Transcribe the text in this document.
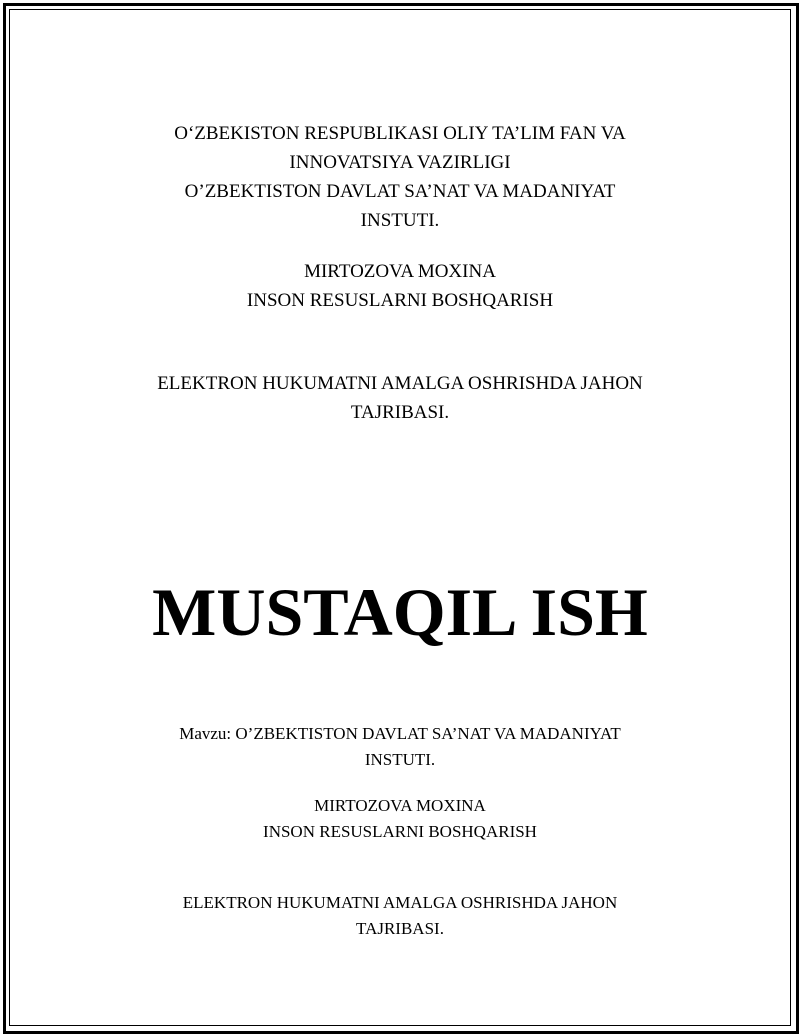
O‘ZBEKISTON RESPUBLIKASI OLIY TA’LIM FAN VA

INNOVATSIYA VAZIRLIGI

O’ZBEKTISTON DAVLAT SA’NAT VA MADANIYAT

INSTUTI.

MIRTOZOVA MOXINA

INSON RESUSLARNI BOSHQARISH

ELEKTRON HUKUMATNI AMALGA OSHRISHDA JAHON

TAJRIBASI.

MUSTAQIL ISH

Mavzu: O’ZBEKTISTON DAVLAT SA’NAT VA MADANIYAT

INSTUTI.

MIRTOZOVA MOXINA

INSON RESUSLARNI BOSHQARISH

ELEKTRON HUKUMATNI AMALGA OSHRISHDA JAHON

TAJRIBASI.
